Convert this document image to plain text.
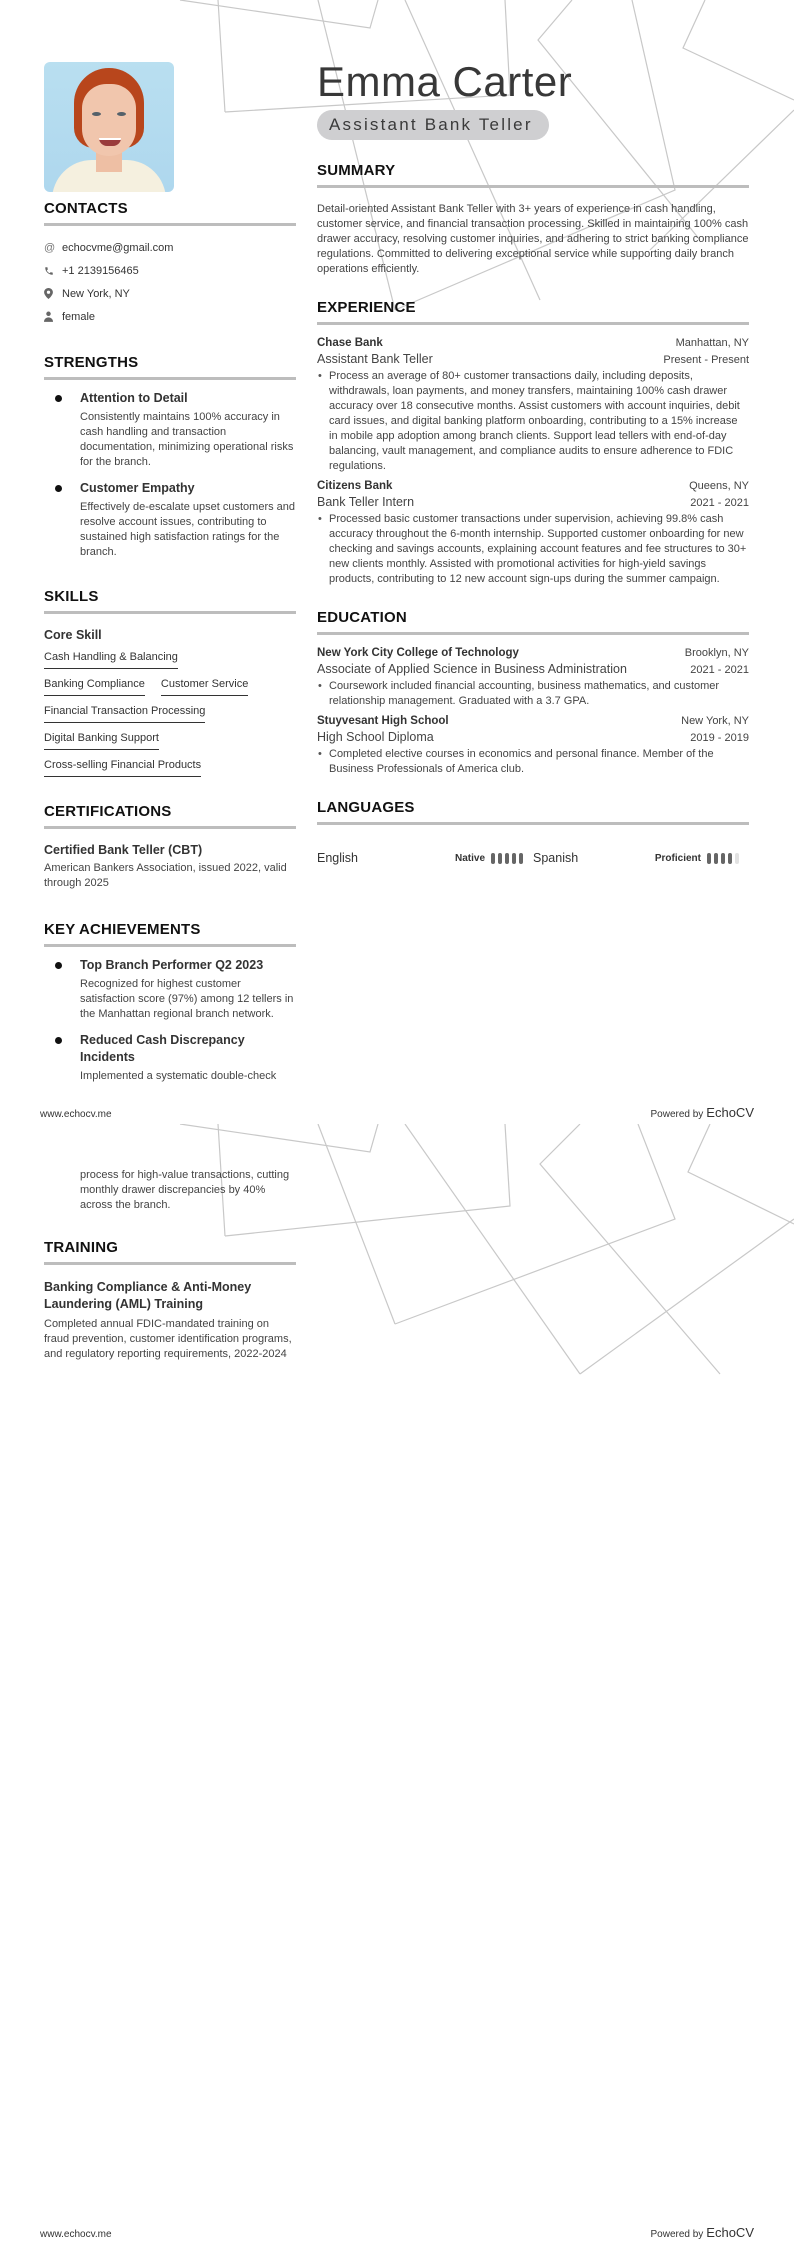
Emma Carter
Assistant Bank Teller
CONTACTS
@ echocvme@gmail.com
+1 2139156465
New York, NY
female
STRENGTHS
Attention to Detail
Consistently maintains 100% accuracy in cash handling and transaction documentation, minimizing operational risks for the branch.
Customer Empathy
Effectively de-escalate upset customers and resolve account issues, contributing to sustained high satisfaction ratings for the branch.
SKILLS
Core Skill
Cash Handling & Balancing
Banking Compliance Customer Service
Financial Transaction Processing
Digital Banking Support
Cross-selling Financial Products
CERTIFICATIONS
Certified Bank Teller (CBT)
American Bankers Association, issued 2022, valid through 2025
KEY ACHIEVEMENTS
Top Branch Performer Q2 2023
Recognized for highest customer satisfaction score (97%) among 12 tellers in the Manhattan regional branch network.
Reduced Cash Discrepancy Incidents
Implemented a systematic double-check
SUMMARY

Detail-oriented Assistant Bank Teller with 3+ years of experience in cash handling, customer service, and financial transaction processing. Skilled in maintaining 100% cash drawer accuracy, resolving customer inquiries, and adhering to strict banking compliance regulations. Committed to delivering exceptional service while supporting daily branch operations efficiently.

EXPERIENCE
Chase Bank	Manhattan, NY
Assistant Bank Teller	Present - Present
• Process an average of 80+ customer transactions daily, including deposits, withdrawals, loan payments, and money transfers, maintaining 100% cash drawer accuracy over 18 consecutive months. Assist customers with account inquiries, debit card issues, and digital banking platform onboarding, contributing to a 15% increase in mobile app adoption among branch clients. Support lead tellers with end-of-day balancing, vault management, and compliance audits to ensure adherence to FDIC regulations.
Citizens Bank	Queens, NY
Bank Teller Intern	2021 - 2021
• Processed basic customer transactions under supervision, achieving 99.8% cash accuracy throughout the 6-month internship. Supported customer onboarding for new checking and savings accounts, explaining account features and fee structures to 30+ new clients monthly. Assisted with promotional activities for high-yield savings products, contributing to 12 new account sign-ups during the summer campaign.
EDUCATION
New York City College of Technology	Brooklyn, NY
Associate of Applied Science in Business Administration	2021 - 2021
• Coursework included financial accounting, business mathematics, and customer relationship management. Graduated with a 3.7 GPA.
Stuyvesant High School	New York, NY
High School Diploma	2019 - 2019
• Completed elective courses in economics and personal finance. Member of the Business Professionals of America club.
LANGUAGES
English	Native	Spanish	Proficient
www.echocv.me	Powered by EchoCV
process for high-value transactions, cutting monthly drawer discrepancies by 40% across the branch.
TRAINING
Banking Compliance & Anti-Money Laundering (AML) Training
Completed annual FDIC-mandated training on fraud prevention, customer identification programs, and regulatory reporting requirements, 2022-2024
www.echocv.me	Powered by EchoCV
